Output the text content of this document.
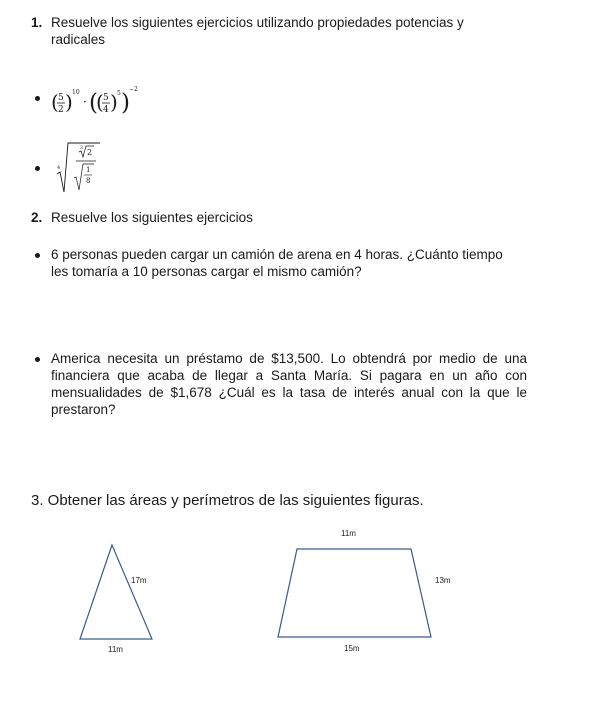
1. Resuelve los siguientes ejercicios utilizando propiedades potencias y
radicales
( 5
2 ) 10
· (
( 5
4 ) 5 )
−2
4
3 2
1
8
2. Resuelve los siguientes ejercicios
6 personas pueden cargar un camión de arena en 4 horas. ¿Cuánto tiempo
les tomaría a 10 personas cargar el mismo camión?
America necesita un préstamo de $13,500. Lo obtendrá por medio de una
financiera que acaba de llegar a Santa María. Si pagara en un año con
mensualidades de $1,678 ¿Cuál es la tasa de interés anual con la que le
prestaron?
3. Obtener las áreas y perímetros de las siguientes figuras.
17m
11m
11m
13m
15m
